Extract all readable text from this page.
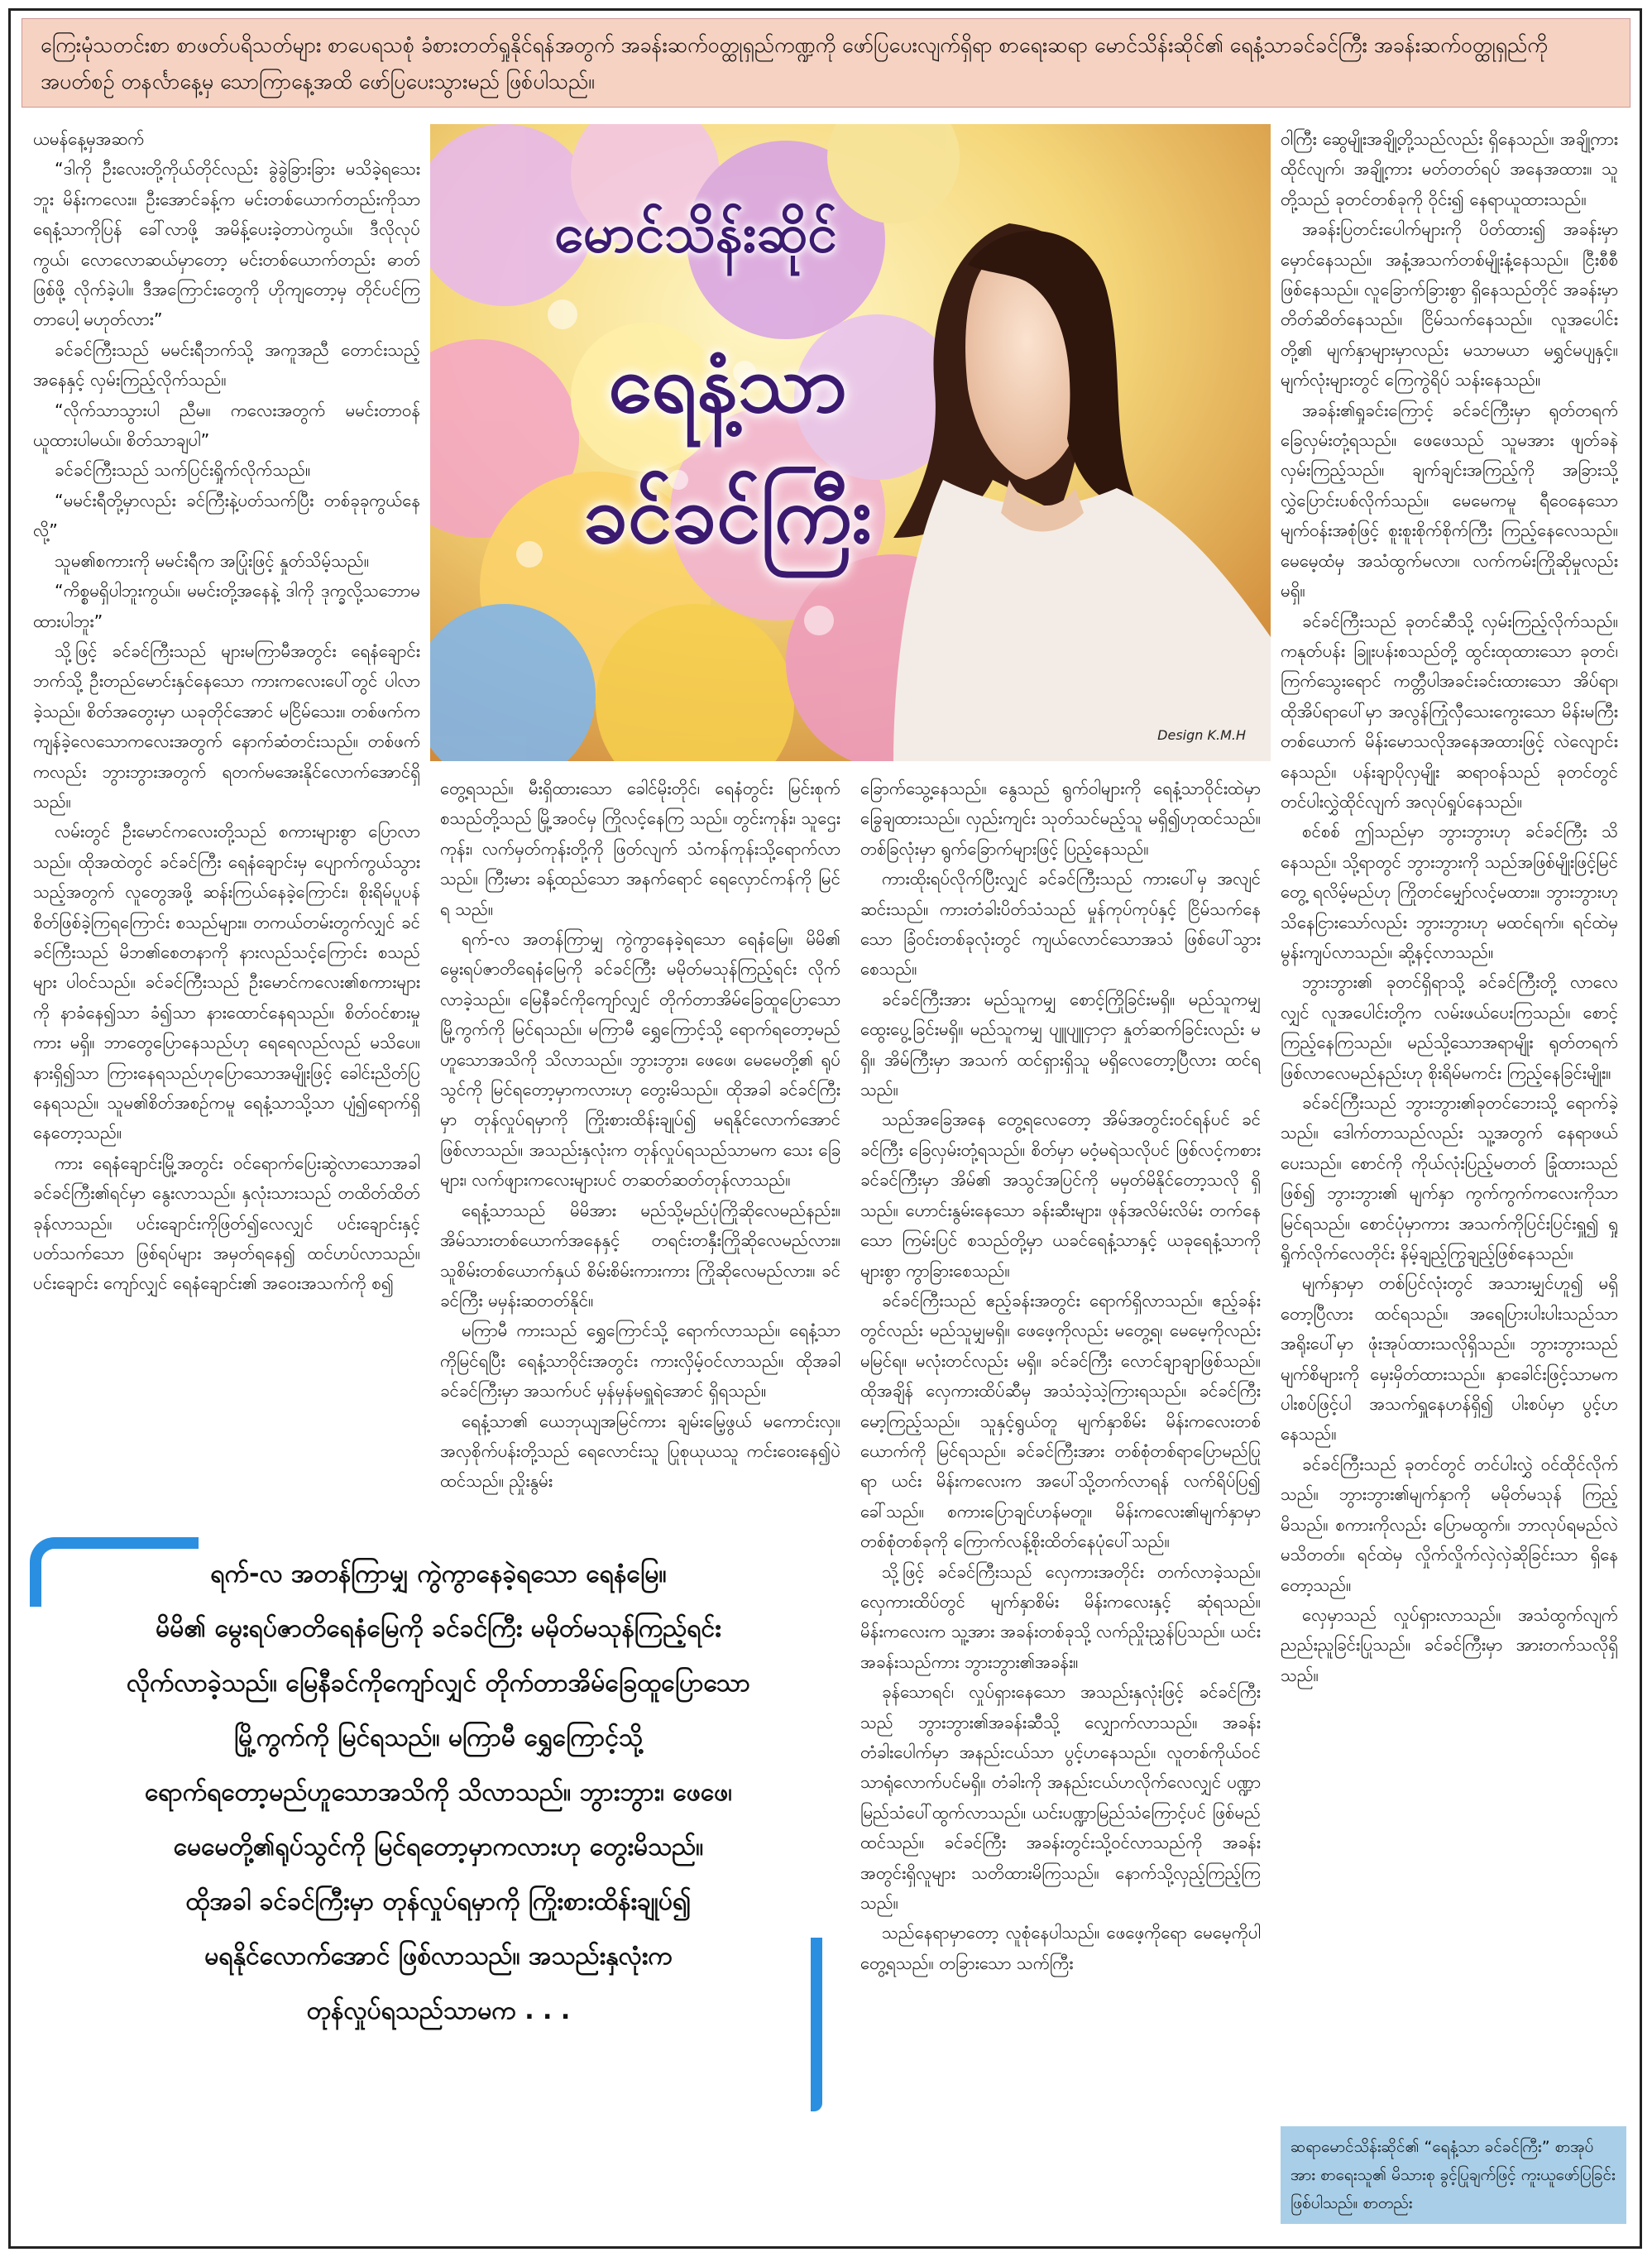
ကြေးမုံသတင်းစာ စာဖတ်ပရိသတ်များ စာပေရသစုံ ခံစားတတ်ရှုနိုင်ရန်အတွက် အခန်းဆက်ဝတ္ထုရှည်ကဏ္ဍကို ဖော်ပြပေးလျက်ရှိရာ စာရေးဆရာ မောင်သိန်းဆိုင်၏ ရေနံ့သာခင်ခင်ကြီး အခန်းဆက်ဝတ္ထုရှည်ကို အပတ်စဉ် တနင်္လာနေ့မှ သောကြာနေ့အထိ ဖော်ပြပေးသွားမည် ဖြစ်ပါသည်။
မောင်သိန်းဆိုင်
ရေနံ့သာ
ခင်ခင်ကြီး
Design K.M.H

ယမန်နေ့မှအဆက်

“ဒါကို ဦးလေးတို့ကိုယ်တိုင်လည်း ခွဲခွဲခြားခြား မသိခဲ့ရသေးဘူး မိန်းကလေး။ ဦးအောင်ခန့်က မင်းတစ်ယောက်တည်းကိုသာ ရေနံ့သာကိုပြန် ခေါ်လာဖို့ အမိန့်ပေးခဲ့တာပဲကွယ်။ ဒီလိုလုပ်ကွယ်၊ လောလောဆယ်မှာတော့ မင်းတစ်ယောက်တည်း ဓာတ်ဖြစ်ဖို့ လိုက်ခဲ့ပါ။ ဒီအကြောင်းတွေကို ဟိုကျတော့မှ တိုင်ပင်ကြတာပေါ့ မဟုတ်လား”

ခင်ခင်ကြီးသည် မမင်းရီဘက်သို့ အကူအညီ တောင်းသည့်အနေနှင့် လှမ်းကြည့်လိုက်သည်။

“လိုက်သာသွားပါ ညီမ။ ကလေးအတွက် မမင်းတာဝန်ယူထားပါမယ်။ စိတ်သာချပါ”

ခင်ခင်ကြီးသည် သက်ပြင်းရှိုက်လိုက်သည်။

“မမင်းရီတို့မှာလည်း ခင်ကြီးနဲ့ပတ်သက်ပြီး တစ်ခုခုကွယ်နေလို့”

သူမ၏စကားကို မမင်းရီက အပြုံးဖြင့် နှုတ်သိမ့်သည်။

“ကိစ္စမရှိပါဘူးကွယ်။ မမင်းတို့အနေနဲ့ ဒါကို ဒုက္ခလို့သဘောမထားပါဘူး”

သို့ဖြင့် ခင်ခင်ကြီးသည် များမကြာမီအတွင်း ရေနံချောင်းဘက်သို့ ဦးတည်မောင်းနှင်နေသော ကားကလေးပေါ်တွင် ပါလာခဲ့သည်။ စိတ်အတွေးမှာ ယခုတိုင်အောင် မငြိမ်သေး။ တစ်ဖက်က ကျန်ခဲ့လေသောကလေးအတွက် နောက်ဆံတင်းသည်။ တစ်ဖက်ကလည်း ဘွားဘွားအတွက် ရတက်မအေးနိုင်လောက်အောင်ရှိသည်။

လမ်းတွင် ဦးမောင်ကလေးတို့သည် စကားများစွာ ပြောလာသည်။ ထိုအထဲတွင် ခင်ခင်ကြီး ရေနံချောင်းမှ ပျောက်ကွယ်သွားသည့်အတွက် လူတွေအဖို့ ဆန်းကြယ်နေခဲ့ကြောင်း၊ စိုးရိမ်ပူပန်စိတ်ဖြစ်ခဲ့ကြရကြောင်း စသည်များ။ တကယ်တမ်းတွက်လျှင် ခင်ခင်ကြီးသည် မိဘ၏စေတနာကို နားလည်သင့်ကြောင်း စသည်များ ပါဝင်သည်။ ခင်ခင်ကြီးသည် ဦးမောင်ကလေး၏စကားများကို နာခံနေ၍သာ ခံ၍သာ နားထောင်နေရသည်။ စိတ်ဝင်စားမှုကား မရှိ။ ဘာတွေပြောနေသည်ဟု ရေရေလည်လည် မသိပေ။ နားရှိ၍သာ ကြားနေရသည်ဟုပြောသောအမျိုးဖြင့် ခေါင်းညိတ်ပြနေရသည်။ သူမ၏စိတ်အစဉ်ကမူ ရေနံ့သာသို့သာ ပျံ၍ရောက်ရှိနေတော့သည်။

ကား ရေနံချောင်းမြို့အတွင်း ဝင်ရောက်ပြေးဆွဲလာသောအခါ ခင်ခင်ကြီး၏ရင်မှာ နွေးလာသည်။ နှလုံးသားသည် တထိတ်ထိတ်ခုန်လာသည်။ ပင်းချောင်းကိုဖြတ်၍လေလျှင် ပင်းချောင်းနှင့်ပတ်သက်သော ဖြစ်ရပ်များ အမှတ်ရနေ၍ ထင်ဟပ်လာသည်။ ပင်းချောင်း ကျော်လျှင် ရေနံချောင်း၏ အဝေးအသက်ကို စ၍

တွေ့ရသည်။ မီးရှိထားသော ခေါင်မိုးတိုင်၊ ရေနံတွင်း မြင်းစုက်စသည်တို့သည် မြို့အဝင်မှ ကြိုလင့်နေကြ သည်။ တွင်းကုန်း၊ သူဌေးကုန်း၊ လက်မှတ်ကုန်းတို့ကို ဖြတ်လျက် သံကန်ကုန်းသို့ရောက်လာသည်။ ကြီးမား ခန့်ထည်သော အနက်ရောင် ရေလှောင်ကန်ကို မြင်ရ သည်။

ရက်-လ အတန်ကြာမျှ ကွဲကွာနေခဲ့ရသော ရေနံမြေ။ မိမိ၏ မွေးရပ်ဇာတိရေနံမြေကို ခင်ခင်ကြီး မမိုတ်မသုန်ကြည့်ရင်း လိုက်လာခဲ့သည်။ မြေနီခင်ကိုကျော်လျှင် တိုက်တာအိမ်ခြေထူပြောသော မြို့ကွက်ကို မြင်ရသည်။ မကြာမီ ရွှေကြောင့်သို့ ရောက်ရတော့မည်ဟူသောအသိကို သိလာသည်။ ဘွားဘွား၊ ဖေဖေ၊ မေမေတို့၏ ရုပ်သွင်ကို မြင်ရတော့မှာကလားဟု တွေးမိသည်။ ထိုအခါ ခင်ခင်ကြီးမှာ တုန်လှုပ်ရမှာကို ကြိုးစားထိန်းချုပ်၍ မရနိုင်လောက်အောင် ဖြစ်လာသည်။ အသည်းနှလုံးက တုန်လှုပ်ရသည်သာမက သေး ခြေများ၊ လက်ဖျားကလေးများပင် တဆတ်ဆတ်တုန်လာသည်။

ရေနံ့သာသည် မိမိအား မည်သို့မည်ပုံကြိုဆိုလေမည်နည်း။ အိမ်သားတစ်ယောက်အနေနှင့် တရင်းတနှီးကြိုဆိုလေမည်လား။ သူစိမ်းတစ်ယောက်နှယ် စိမ်းစိမ်းကားကား ကြိုဆိုလေမည်လား။ ခင်ခင်ကြီး မမှန်းဆတတ်နိုင်။

မကြာမီ ကားသည် ရွှေကြောင်သို့ ရောက်လာသည်။ ရေနံ့သာကိုမြင်ရပြီး ရေနံ့သာဝိုင်းအတွင်း ကားလှိမ့်ဝင်လာသည်။ ထိုအခါ ခင်ခင်ကြီးမှာ အသက်ပင် မှန်မှန်မရှူရဲအောင် ရှိရသည်။

ရေနံ့သာ၏ ယေဘုယျအမြင်ကား ချမ်းမြေ့ဖွယ် မကောင်းလှ။ အလှစိုက်ပန်းတို့သည် ရေလောင်းသူ ပြုစုယုယသူ ကင်းဝေးနေ၍ပဲ ထင်သည်။ ညှိုးနွမ်း

ခြောက်သွေ့နေသည်။ နွေသည် ရွက်ဝါများကို ရေနံ့သာဝိုင်းထဲမှာ ခြွေချထားသည်။ လှည်းကျင်း သုတ်သင်မည့်သူ မရှိ၍ဟုထင်သည်။ တစ်ခြလုံးမှာ ရွက်ခြောက်များဖြင့် ပြည့်နေသည်။

ကားထိုးရပ်လိုက်ပြီးလျှင် ခင်ခင်ကြီးသည် ကားပေါ်မှ အလျင်ဆင်းသည်။ ကားတံခါးပိတ်သံသည် မှုန်ကုပ်ကုပ်နှင့် ငြိမ်သက်နေသော ခြံဝင်းတစ်ခုလုံးတွင် ကျယ်လောင်သောအသံ ဖြစ်ပေါ်သွားစေသည်။

ခင်ခင်ကြီးအား မည်သူကမျှ စောင့်ကြိုခြင်းမရှိ။ မည်သူကမျှ ထွေးပွေ့ခြင်းမရှိ။ မည်သူကမျှ ပျူပျူငှာငှာ နှုတ်ဆက်ခြင်းလည်း မရှိ။ အိမ်ကြီးမှာ အသက် ထင်ရှားရှိသူ မရှိလေတော့ပြီလား ထင်ရသည်။

သည်အခြေအနေ တွေ့ရလေတော့ အိမ်အတွင်းဝင်ရန်ပင် ခင်ခင်ကြီး ခြေလှမ်းတုံ့ရသည်။ စိတ်မှာ မဝံ့မရဲသလိုပင် ဖြစ်လင့်ကစား ခင်ခင်ကြီးမှာ အိမ်၏ အသွင်အပြင်ကို မမှတ်မိနိုင်တော့သလို ရှိသည်။ ဟောင်းနွမ်းနေသော ခန်းဆီးများ၊ ဖုန်အလိမ်းလိမ်း တက်နေသော ကြမ်းပြင် စသည်တို့မှာ ယခင်ရေနံ့သာနှင့် ယခုရေနံ့သာကို များစွာ ကွာခြားစေသည်။

ခင်ခင်ကြီးသည် ဧည့်ခန်းအတွင်း ရောက်ရှိလာသည်။ ဧည့်ခန်းတွင်လည်း မည်သူမျှမရှိ။ ဖေဖေ့ကိုလည်း မတွေ့ရ၊ မေမေ့ကိုလည်း မမြင်ရ။ မလုံးတင်လည်း မရှိ။ ခင်ခင်ကြီး လောင်ချာချာဖြစ်သည်။ ထိုအချိန် လှေကားထိပ်ဆီမှ အသံသဲ့သဲ့ကြားရသည်။ ခင်ခင်ကြီး မော့ကြည့်သည်။ သူနှင့်ရွယ်တူ မျက်နှာစိမ်း မိန်းကလေးတစ်ယောက်ကို မြင်ရသည်။ ခင်ခင်ကြီးအား တစ်စုံတစ်ရာပြောမည်ပြုရာ ယင်း မိန်းကလေးက အပေါ်သို့တက်လာရန် လက်ရိပ်ပြ၍ ခေါ်သည်။ စကားပြောချင်ဟန်မတူ။ မိန်းကလေး၏မျက်နှာမှာ တစ်စုံတစ်ခုကို ကြောက်လန့်စိုးထိတ်နေပုံပေါ်သည်။

သို့ဖြင့် ခင်ခင်ကြီးသည် လှေကားအတိုင်း တက်လာခဲ့သည်။ လှေကားထိပ်တွင် မျက်နှာစိမ်း မိန်းကလေးနှင့် ဆုံရသည်။ မိန်းကလေးက သူ့အား အခန်းတစ်ခုသို့ လက်ညှိုးညွှန်ပြသည်။ ယင်းအခန်းသည်ကား ဘွားဘွား၏အခန်း။

ခုန်သောရင်၊ လှုပ်ရှားနေသော အသည်းနှလုံးဖြင့် ခင်ခင်ကြီးသည် ဘွားဘွား၏အခန်းဆီသို့ လျှောက်လာသည်။ အခန်းတံခါးပေါက်မှာ အနည်းငယ်သာ ပွင့်ဟနေသည်။ လူတစ်ကိုယ်ဝင်သာရုံလောက်ပင်မရှိ။ တံခါးကို အနည်းငယ်ဟလိုက်လေလျှင် ပဏ္ဍာမြည်သံပေါ်ထွက်လာသည်။ ယင်းပဏ္ဍာမြည်သံကြောင့်ပင် ဖြစ်မည်ထင်သည်။ ခင်ခင်ကြီး အခန်းတွင်းသို့ဝင်လာသည်ကို အခန်းအတွင်းရှိလူများ သတိထားမိကြသည်။ နောက်သို့လှည့်ကြည့်ကြသည်။

သည်နေရာမှာတော့ လူစုံနေပါသည်။ ဖေဖေ့ကိုရော မေမေ့ကိုပါ တွေ့ရသည်။ တခြားသော သက်ကြီး

ဝါကြီး ဆွေမျိုးအချို့တို့သည်လည်း ရှိနေသည်။ အချို့ကား ထိုင်လျက်၊ အချို့ကား မတ်တတ်ရပ် အနေအထား။ သူတို့သည် ခုတင်တစ်ခုကို ဝိုင်း၍ နေရာယူထားသည်။

အခန်းပြတင်းပေါက်များကို ပိတ်ထား၍ အခန်းမှာ မှောင်နေသည်။ အနံ့အသက်တစ်မျိုးနံ့နေသည်။ ငြီးစီစီ ဖြစ်နေသည်။ လူခြောက်ခြားစွာ ရှိနေသည်တိုင် အခန်းမှာ တိတ်ဆိတ်နေသည်။ ငြိမ်သက်နေသည်။ လူအပေါင်းတို့၏ မျက်နှာများမှာလည်း မသာမယာ မရွှင်မပျနှင့်။ မျက်လုံးများတွင် ကြေကွဲရိပ် သန်းနေသည်။

အခန်း၏ရှုခင်းကြောင့် ခင်ခင်ကြီးမှာ ရုတ်တရက် ခြေလှမ်းတုံ့ရသည်။ ဖေဖေသည် သူမအား ဖျတ်ခနဲ လှမ်းကြည့်သည်။ ချက်ချင်းအကြည့်ကို အခြားသို့ လွှဲပြောင်းပစ်လိုက်သည်။ မေမေကမူ ရီဝေနေသော မျက်ဝန်းအစုံဖြင့် စူးစူးစိုက်စိုက်ကြီး ကြည့်နေလေသည်။ မေမေ့ထံမှ အသံထွက်မလာ။ လက်ကမ်းကြိုဆိုမှုလည်း မရှိ။

ခင်ခင်ကြီးသည် ခုတင်ဆီသို့ လှမ်းကြည့်လိုက်သည်။ ကနုတ်ပန်း ခြူးပန်းစသည်တို့ ထွင်းထုထားသော ခုတင်၊ ကြက်သွေးရောင် ကတ္တီပါအခင်းခင်းထားသော အိပ်ရာ၊ ထိုအိပ်ရာပေါ်မှာ အလွန်ကြုံလှီသေးကွေးသော မိန်းမကြီးတစ်ယောက် မိန်းမောသလိုအနေအထားဖြင့် လဲလျောင်းနေသည်။ ပန်းချာပိုလှမျိုး ဆရာဝန်သည် ခုတင်တွင် တင်ပါးလွှဲထိုင်လျက် အလုပ်ရှုပ်နေသည်။

စင်စစ် ဤသည်မှာ ဘွားဘွားဟု ခင်ခင်ကြီး သိနေသည်။ သို့ရာတွင် ဘွားဘွားကို သည်အဖြစ်မျိုးဖြင့်မြင်တွေ့ ရလိမ့်မည်ဟု ကြိုတင်မျှော်လင့်မထား။ ဘွားဘွားဟု သိနေငြားသော်လည်း ဘွားဘွားဟု မထင်ရက်။ ရင်ထဲမှ မွန်းကျပ်လာသည်။ ဆို့နင့်လာသည်။

ဘွားဘွား၏ ခုတင်ရှိရာသို့ ခင်ခင်ကြီးတို့ လာလေလျှင် လူအပေါင်းတို့က လမ်းဖယ်ပေးကြသည်။ စောင့်ကြည့်နေကြသည်။ မည်သို့သောအရာမျိုး ရုတ်တရက် ဖြစ်လာလေမည်နည်းဟု စိုးရိမ်မကင်း ကြည့်နေခြင်းမျိုး။

ခင်ခင်ကြီးသည် ဘွားဘွား၏ခုတင်ဘေးသို့ ရောက်ခဲ့သည်။ ဒေါက်တာသည်လည်း သူ့အတွက် နေရာဖယ် ပေးသည်။ စောင်ကို ကိုယ်လုံးပြည့်မတတ် ခြုံထားသည်ဖြစ်၍ ဘွားဘွား၏ မျက်နှာ ကွက်ကွက်ကလေးကိုသာ မြင်ရသည်။ စောင်ပုံမှာကား အသက်ကိုပြင်းပြင်းရှူ၍ ရှုရှိုက်လိုက်လေတိုင်း နိမ့်ချည့်ကြွချည့်ဖြစ်နေသည်။

မျက်နှာမှာ တစ်ပြင်လုံးတွင် အသားမျှင်ဟူ၍ မရှိတော့ပြီလား ထင်ရသည်။ အရေပြားပါးပါးသည်သာ အရိုးပေါ်မှာ ဖုံးအုပ်ထားသလိုရှိသည်။ ဘွားဘွားသည် မျက်စိများကို မှေးမှိတ်ထားသည်။ နှာခေါင်းဖြင့်သာမက ပါးစပ်ဖြင့်ပါ အသက်ရှူနေဟန်ရှိ၍ ပါးစပ်မှာ ပွင့်ဟနေသည်။

ခင်ခင်ကြီးသည် ခုတင်တွင် တင်ပါးလွှဲ ဝင်ထိုင်လိုက်သည်။ ဘွားဘွား၏မျက်နှာကို မမိုတ်မသုန် ကြည့်မိသည်။ စကားကိုလည်း ပြောမထွက်။ ဘာလုပ်ရမည်လဲ မသိတတ်။ ရင်ထဲမှ လှိုက်လှိုက်လှဲလှဲဆိုခြင်းသာ ရှိနေတော့သည်။

လှေမှာသည် လှုပ်ရှားလာသည်။ အသံထွက်လျက် ညည်းညူခြင်းပြုသည်။ ခင်ခင်ကြီးမှာ အားတက်သလိုရှိသည်။

ရက်-လ အတန်ကြာမျှ ကွဲကွာနေခဲ့ရသော ရေနံမြေ။
မိမိ၏ မွေးရပ်ဇာတိရေနံမြေကို ခင်ခင်ကြီး မမိုတ်မသုန်ကြည့်ရင်း
လိုက်လာခဲ့သည်။ မြေနီခင်ကိုကျော်လျှင် တိုက်တာအိမ်ခြေထူပြောသော
မြို့ကွက်ကို မြင်ရသည်။ မကြာမီ ရွှေကြောင့်သို့
ရောက်ရတော့မည်ဟူသောအသိကို သိလာသည်။ ဘွားဘွား၊ ဖေဖေ၊
မေမေတို့၏ရုပ်သွင်ကို မြင်ရတော့မှာကလားဟု တွေးမိသည်။
ထိုအခါ ခင်ခင်ကြီးမှာ တုန်လှုပ်ရမှာကို ကြိုးစားထိန်းချုပ်၍
မရနိုင်လောက်အောင် ဖြစ်လာသည်။ အသည်းနှလုံးက
တုန်လှုပ်ရသည်သာမက . . .
ဆရာမောင်သိန်းဆိုင်၏ “ရေနံ့သာ ခင်ခင်ကြီး” စာအုပ်အား စာရေးသူ၏ မိသားစု ခွင့်ပြုချက်ဖြင့် ကူးယူဖော်ပြခြင်းဖြစ်ပါသည်။ စာတည်း
